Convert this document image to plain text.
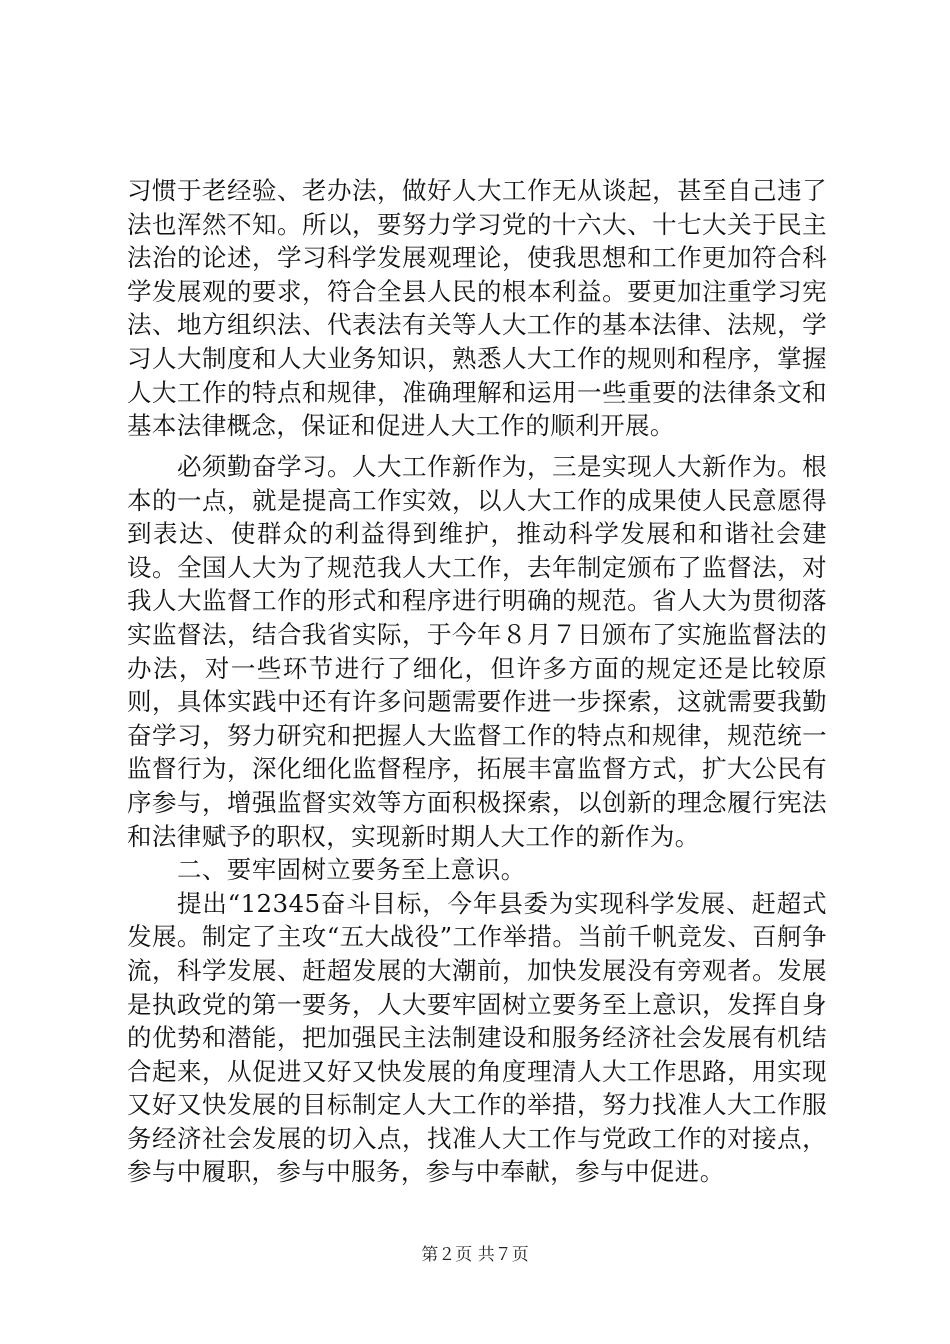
习惯于老经验、老办法，做好人大工作无从谈起，甚至自己违了法也浑然不知。所以，要努力学习党的十六大、十七大关于民主法治的论述，学习科学发展观理论，使我思想和工作更加符合科学发展观的要求，符合全县人民的根本利益。要更加注重学习宪法、地方组织法、代表法有关等人大工作的基本法律、法规，学习人大制度和人大业务知识，熟悉人大工作的规则和程序，掌握人大工作的特点和规律，准确理解和运用一些重要的法律条文和基本法律概念，保证和促进人大工作的顺利开展。

必须勤奋学习。人大工作新作为，三是实现人大新作为。根本的一点，就是提高工作实效，以人大工作的成果使人民意愿得到表达、使群众的利益得到维护，推动科学发展和和谐社会建设。全国人大为了规范我人大工作，去年制定颁布了监督法，对我人大监督工作的形式和程序进行明确的规范。省人大为贯彻落实监督法，结合我省实际，于今年８月７日颁布了实施监督法的办法，对一些环节进行了细化，但许多方面的规定还是比较原则，具体实践中还有许多问题需要作进一步探索，这就需要我勤奋学习，努力研究和把握人大监督工作的特点和规律，规范统一监督行为，深化细化监督程序，拓展丰富监督方式，扩大公民有序参与，增强监督实效等方面积极探索，以创新的理念履行宪法和法律赋予的职权，实现新时期人大工作的新作为。

二、要牢固树立要务至上意识。

提出“12345奋斗目标，今年县委为实现科学发展、赶超式发展。制定了主攻“五大战役”工作举措。当前千帆竞发、百舸争流，科学发展、赶超发展的大潮前，加快发展没有旁观者。发展是执政党的第一要务，人大要牢固树立要务至上意识，发挥自身的优势和潜能，把加强民主法制建设和服务经济社会发展有机结合起来，从促进又好又快发展的角度理清人大工作思路，用实现又好又快发展的目标制定人大工作的举措，努力找准人大工作服务经济社会发展的切入点，找准人大工作与党政工作的对接点，参与中履职，参与中服务，参与中奉献，参与中促进。

第２页 共７页
